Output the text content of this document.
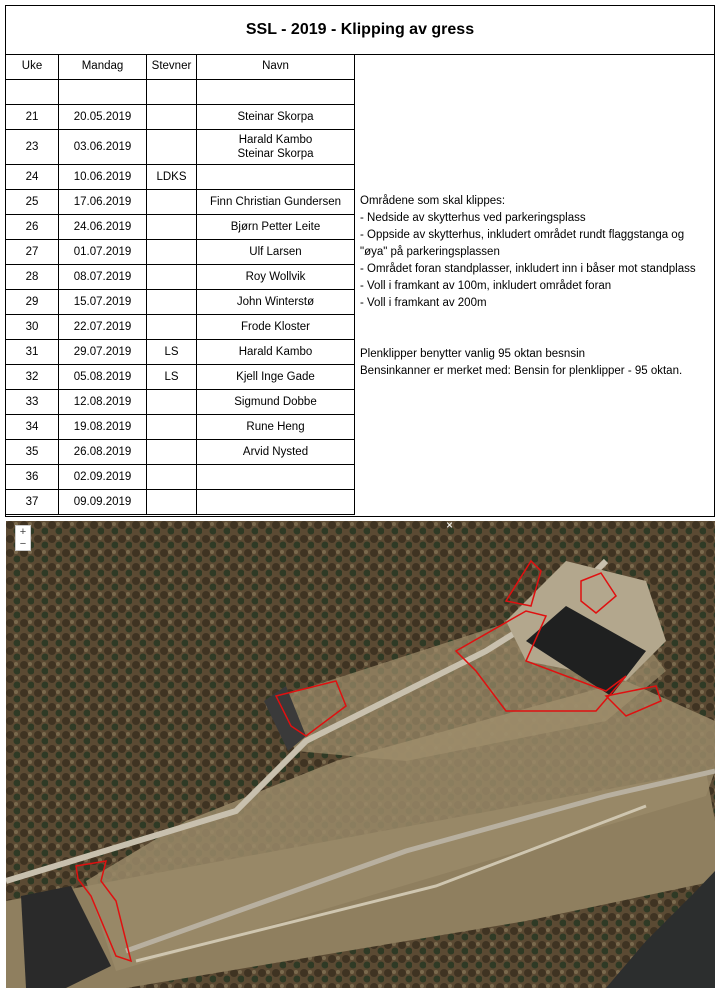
SSL - 2019 - Klipping av gress
Uke	Mandag	Stevner	Navn

21	20.05.2019		Steinar Skorpa

23	03.06.2019		Harald Kambo
Steinar Skorpa

24	10.06.2019	LDKS	
25	17.06.2019		Finn Christian Gundersen

26	24.06.2019		Bjørn Petter Leite

27	01.07.2019		Ulf Larsen

28	08.07.2019		Roy Wollvik

29	15.07.2019		John Winterstø

30	22.07.2019		Frode Kloster

31	29.07.2019	LS	Harald Kambo

32	05.08.2019	LS	Kjell Inge Gade

33	12.08.2019		Sigmund Dobbe

34	19.08.2019		Rune Heng

35	26.08.2019		Arvid Nysted

36	02.09.2019		
37	09.09.2019		
Områdene som skal klippes:
- Nedside av skytterhus ved parkeringsplass
- Oppside av skytterhus, inkludert området rundt flaggstanga og
"øya" på parkeringsplassen
- Området foran standplasser, inkludert inn i båser mot standplass
- Voll i framkant av 100m, inkludert området foran
- Voll i framkant av 200m
Plenklipper benytter vanlig 95 oktan besnsin
Bensinkanner er merket med: Bensin for plenklipper - 95 oktan.
+
−
×
